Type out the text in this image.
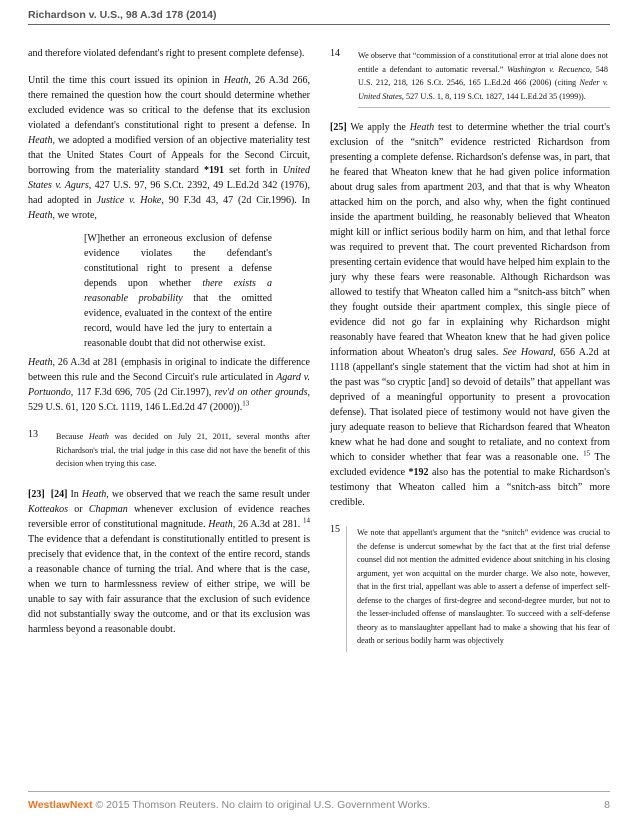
Richardson v. U.S., 98 A.3d 178 (2014)

and therefore violated defendant's right to present complete defense).

Until the time this court issued its opinion in Heath, 26 A.3d 266, there remained the question how the court should determine whether excluded evidence was so critical to the defense that its exclusion violated a defendant's constitutional right to present a defense. In Heath, we adopted a modified version of an objective materiality test that the United States Court of Appeals for the Second Circuit, borrowing from the materiality standard *191 set forth in United States v. Agurs, 427 U.S. 97, 96 S.Ct. 2392, 49 L.Ed.2d 342 (1976), had adopted in Justice v. Hoke, 90 F.3d 43, 47 (2d Cir.1996). In Heath, we wrote,

[W]hether an erroneous exclusion of defense evidence violates the defendant's constitutional right to present a defense depends upon whether there exists a reasonable probability that the omitted evidence, evaluated in the context of the entire record, would have led the jury to entertain a reasonable doubt that did not otherwise exist.

Heath, 26 A.3d at 281 (emphasis in original to indicate the difference between this rule and the Second Circuit's rule articulated in Agard v. Portuondo, 117 F.3d 696, 705 (2d Cir.1997), rev'd on other grounds, 529 U.S. 61, 120 S.Ct. 1119, 146 L.Ed.2d 47 (2000)).$^{13}$

13	Because Heath was decided on July 21, 2011, several months after Richardson's trial, the trial judge in this case did not have the benefit of this decision when trying this case.

[23] [24] In Heath, we observed that we reach the same result under Kotteakos or Chapman whenever exclusion of evidence reaches reversible error of constitutional magnitude. Heath, 26 A.3d at 281. $^{14}$ The evidence that a defendant is constitutionally entitled to present is precisely that evidence that, in the context of the entire record, stands a reasonable chance of turning the trial. And where that is the case, when we turn to harmlessness review of either stripe, we will be unable to say with fair assurance that the exclusion of such evidence did not substantially sway the outcome, and or that its exclusion was harmless beyond a reasonable doubt.

14	We observe that “commission of a constitutional error at trial alone does not entitle a defendant to automatic reversal.” Washington v. Recuenco, 548 U.S. 212, 218, 126 S.Ct. 2546, 165 L.Ed.2d 466 (2006) (citing Neder v. United States, 527 U.S. 1, 8, 119 S.Ct. 1827, 144 L.Ed.2d 35 (1999)).

[25] We apply the Heath test to determine whether the trial court's exclusion of the “snitch” evidence restricted Richardson from presenting a complete defense. Richardson's defense was, in part, that he feared that Wheaton knew that he had given police information about drug sales from apartment 203, and that that is why Wheaton attacked him on the porch, and also why, when the fight continued inside the apartment building, he reasonably believed that Wheaton might kill or inflict serious bodily harm on him, and that lethal force was required to prevent that. The court prevented Richardson from presenting certain evidence that would have helped him explain to the jury why these fears were reasonable. Although Richardson was allowed to testify that Wheaton called him a “snitch-ass bitch” when they fought outside their apartment complex, this single piece of evidence did not go far in explaining why Richardson might reasonably have feared that Wheaton knew that he had given police information about Wheaton's drug sales. See Howard, 656 A.2d at 1118 (appellant's single statement that the victim had shot at him in the past was “so cryptic [and] so devoid of details” that appellant was deprived of a meaningful opportunity to present a provocation defense). That isolated piece of testimony would not have given the jury adequate reason to believe that Richardson feared that Wheaton knew what he had done and sought to retaliate, and no context from which to consider whether that fear was a reasonable one. $^{15}$ The excluded evidence *192 also has the potential to make Richardson's testimony that Wheaton called him a “snitch-ass bitch” more credible.

15	We note that appellant's argument that the “snitch” evidence was crucial to the defense is undercut somewhat by the fact that at the first trial defense counsel did not mention the admitted evidence about snitching in his closing argument, yet won acquittal on the murder charge. We also note, however, that in the first trial, appellant was able to assert a defense of imperfect self-defense to the charges of first-degree and second-degree murder, but not to the lesser-included offense of manslaughter. To succeed with a self-defense theory as to manslaughter appellant had to make a showing that his fear of death or serious bodily harm was objectively
WestlawNext © 2015 Thomson Reuters. No claim to original U.S. Government Works.	8
